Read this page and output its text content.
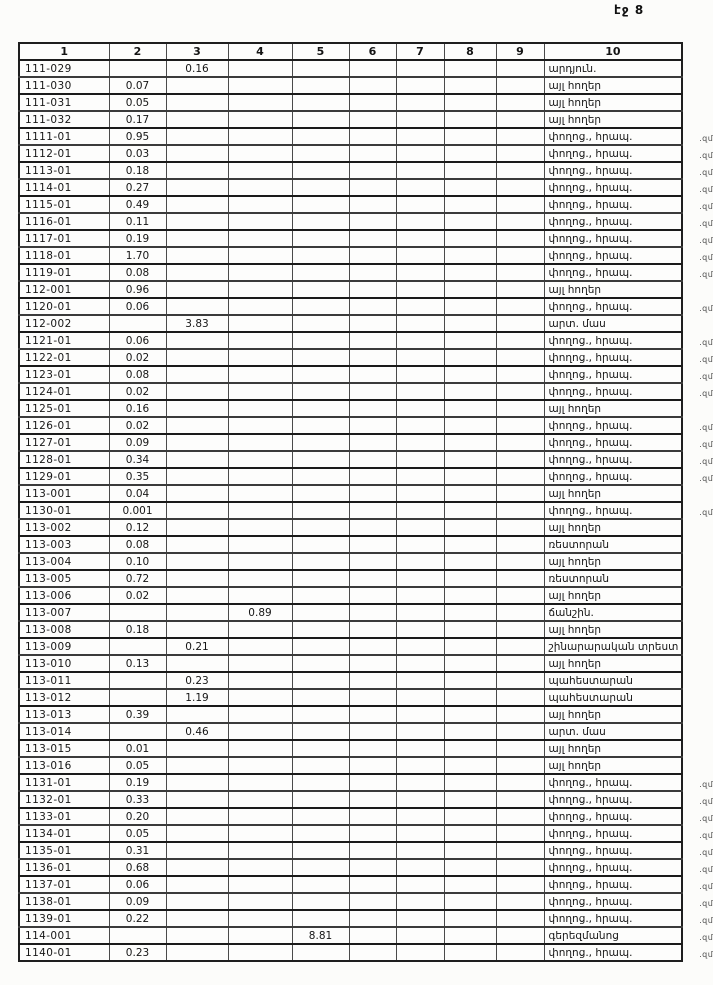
էջ 8
1	2	3	4	5	6	7	8	9	10
111-029		0.16							արդյուն.
111-030	0.07								այլ հողեր
111-031	0.05								այլ հողեր
111-032	0.17								այլ հողեր
1111-01	0.95								փողոց., հրապ. .զմ

1112-01	0.03								փողոց., հրապ. .զմ

1113-01	0.18								փողոց., հրապ. .զմ

1114-01	0.27								փողոց., հրապ. .զմ

1115-01	0.49								փողոց., հրապ. .զմ

1116-01	0.11								փողոց., հրապ. .զմ

1117-01	0.19								փողոց., հրապ. .զմ

1118-01	1.70								փողոց., հրապ. .զմ

1119-01	0.08								փողոց., հրապ. .զմ

112-001	0.96								այլ հողեր
1120-01	0.06								փողոց., հրապ. .զմ

112-002		3.83							արտ. մաս
1121-01	0.06								փողոց., հրապ. .զմ

1122-01	0.02								փողոց., հրապ. .զմ

1123-01	0.08								փողոց., հրապ. .զմ

1124-01	0.02								փողոց., հրապ. .զմ

1125-01	0.16								այլ հողեր
1126-01	0.02								փողոց., հրապ. .զմ

1127-01	0.09								փողոց., հրապ. .զմ

1128-01	0.34								փողոց., հրապ. .զմ

1129-01	0.35								փողոց., հրապ. .զմ

113-001	0.04								այլ հողեր
1130-01	0.001								փողոց., հրապ. .զմ

113-002	0.12								այլ հողեր
113-003	0.08								ռեստորան
113-004	0.10								այլ հողեր
113-005	0.72								ռեստորան
113-006	0.02								այլ հողեր
113-007			0.89						ճանշին.
113-008	0.18								այլ հողեր
113-009		0.21							շինարարական տրեստ
113-010	0.13								այլ հողեր
113-011		0.23							պահեստարան
113-012		1.19							պահեստարան
113-013	0.39								այլ հողեր
113-014		0.46							արտ. մաս
113-015	0.01								այլ հողեր
113-016	0.05								այլ հողեր
1131-01	0.19								փողոց., հրապ. .զմ

1132-01	0.33								փողոց., հրապ. .զմ

1133-01	0.20								փողոց., հրապ. .զմ

1134-01	0.05								փողոց., հրապ. .զմ

1135-01	0.31								փողոց., հրապ. .զմ

1136-01	0.68								փողոց., հրապ. .զմ

1137-01	0.06								փողոց., հրապ. .զմ

1138-01	0.09								փողոց., հրապ. .զմ

1139-01	0.22								փողոց., հրապ. .զմ

114-001				8.81					գերեզմանոց .զմ

1140-01	0.23								փողոց., հրապ. .զմ
